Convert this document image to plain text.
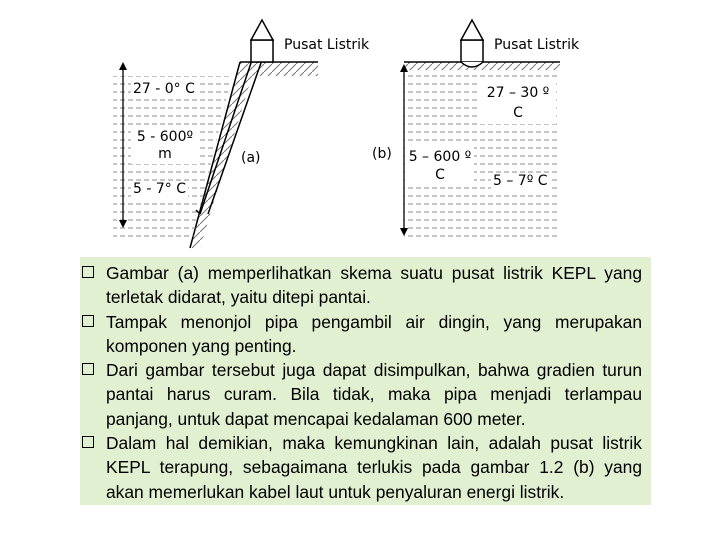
Pusat Listrik	Pusat Listrik
27 - 0° C
5 - 600º m
5 - 7° C
(a)
27 – 30 º C
(b) 5 – 600 º C	5 – 7º C
Gambar (a) memperlihatkan skema suatu pusat listrik KEPL yang terletak didarat, yaitu ditepi pantai.
Tampak menonjol pipa pengambil air dingin, yang merupakan komponen yang penting.
Dari gambar tersebut juga dapat disimpulkan, bahwa gradien turun pantai harus curam. Bila tidak, maka pipa menjadi terlampau panjang, untuk dapat mencapai kedalaman 600 meter.
Dalam hal demikian, maka kemungkinan lain, adalah pusat listrik KEPL terapung, sebagaimana terlukis pada gambar 1.2 (b) yang akan memerlukan kabel laut untuk penyaluran energi listrik.
